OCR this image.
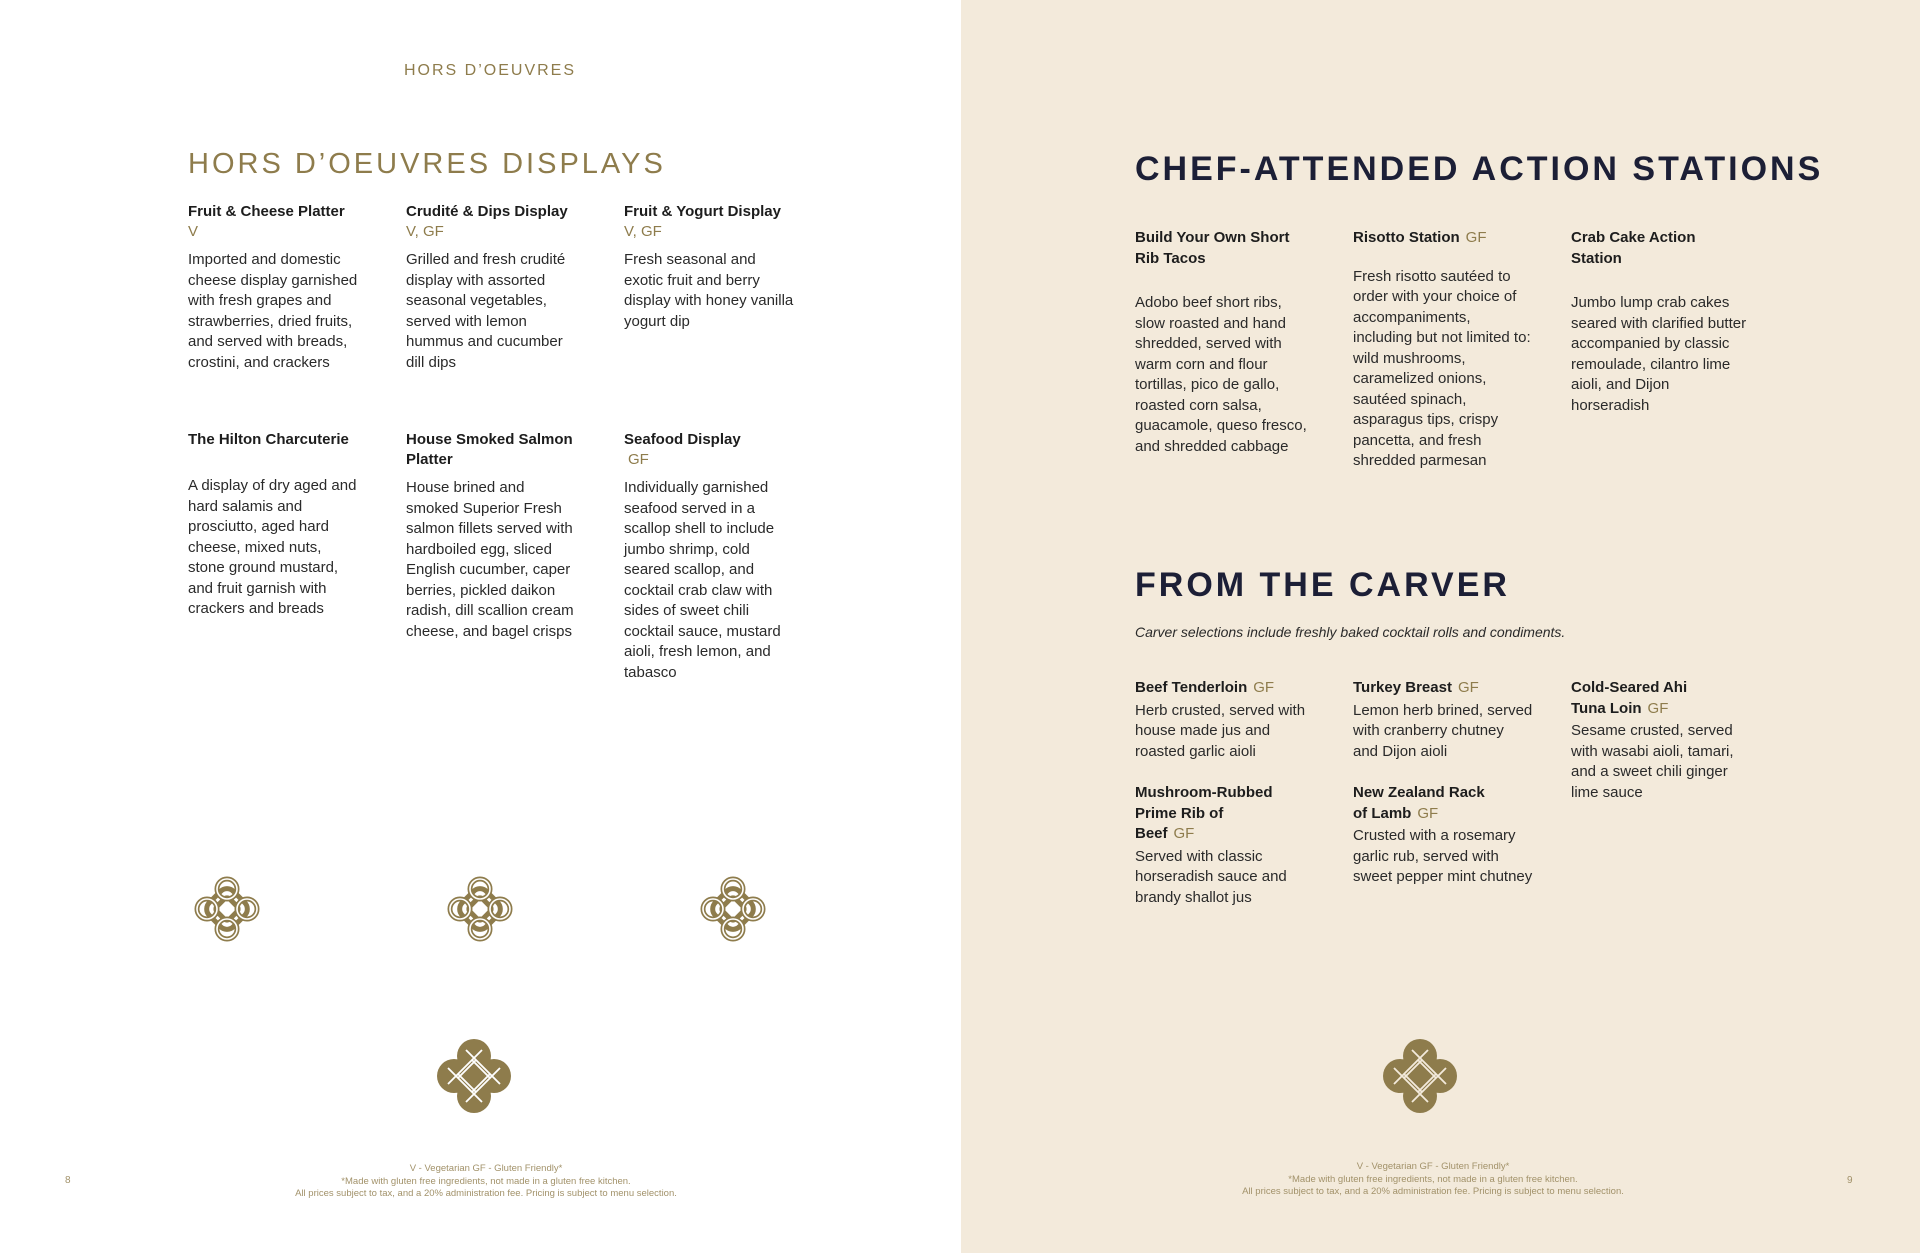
HORS D’OEUVRES
HORS D’OEUVRES DISPLAYS
Fruit & Cheese Platter
V
Imported and domestic cheese display garnished with fresh grapes and strawberries, dried fruits, and served with breads, crostini, and crackers
Crudité & Dips Display
V, GF
Grilled and fresh crudité display with assorted seasonal vegetables, served with lemon hummus and cucumber dill dips
Fruit & Yogurt Display
V, GF
Fresh seasonal and exotic fruit and berry display with honey vanilla yogurt dip
The Hilton Charcuterie
A display of dry aged and hard salamis and prosciutto, aged hard cheese, mixed nuts, stone ground mustard, and fruit garnish with crackers and breads
House Smoked Salmon Platter
House brined and smoked Superior Fresh salmon fillets served with hardboiled egg, sliced English cucumber, caper berries, pickled daikon radish, dill scallion cream cheese, and bagel crisps
Seafood Display
GF
Individually garnished seafood served in a scallop shell to include jumbo shrimp, cold seared scallop, and cocktail crab claw with sides of sweet chili cocktail sauce, mustard aioli, fresh lemon, and tabasco
V - Vegetarian GF - Gluten Friendly*
*Made with gluten free ingredients, not made in a gluten free kitchen.
All prices subject to tax, and a 20% administration fee. Pricing is subject to menu selection.
8
CHEF-ATTENDED ACTION STATIONS
Build Your Own Short Rib Tacos
Adobo beef short ribs, slow roasted and hand shredded, served with warm corn and flour tortillas, pico de gallo, roasted corn salsa, guacamole, queso fresco, and shredded cabbage
Risotto Station GF
Fresh risotto sautéed to order with your choice of accompaniments, including but not limited to: wild mushrooms, caramelized onions, sautéed spinach, asparagus tips, crispy pancetta, and fresh shredded parmesan
Crab Cake Action Station
Jumbo lump crab cakes seared with clarified butter accompanied by classic remoulade, cilantro lime aioli, and Dijon horseradish
FROM THE CARVER
Carver selections include freshly baked cocktail rolls and condiments.
Beef Tenderloin GF
Herb crusted, served with house made jus and roasted garlic aioli
Turkey Breast GF
Lemon herb brined, served with cranberry chutney and Dijon aioli
Cold-Seared Ahi Tuna Loin GF
Sesame crusted, served with wasabi aioli, tamari, and a sweet chili ginger lime sauce
Mushroom-Rubbed Prime Rib of Beef GF
Served with classic horseradish sauce and brandy shallot jus
New Zealand Rack of Lamb GF
Crusted with a rosemary garlic rub, served with sweet pepper mint chutney
V - Vegetarian GF - Gluten Friendly*
*Made with gluten free ingredients, not made in a gluten free kitchen.
All prices subject to tax, and a 20% administration fee. Pricing is subject to menu selection.
9
